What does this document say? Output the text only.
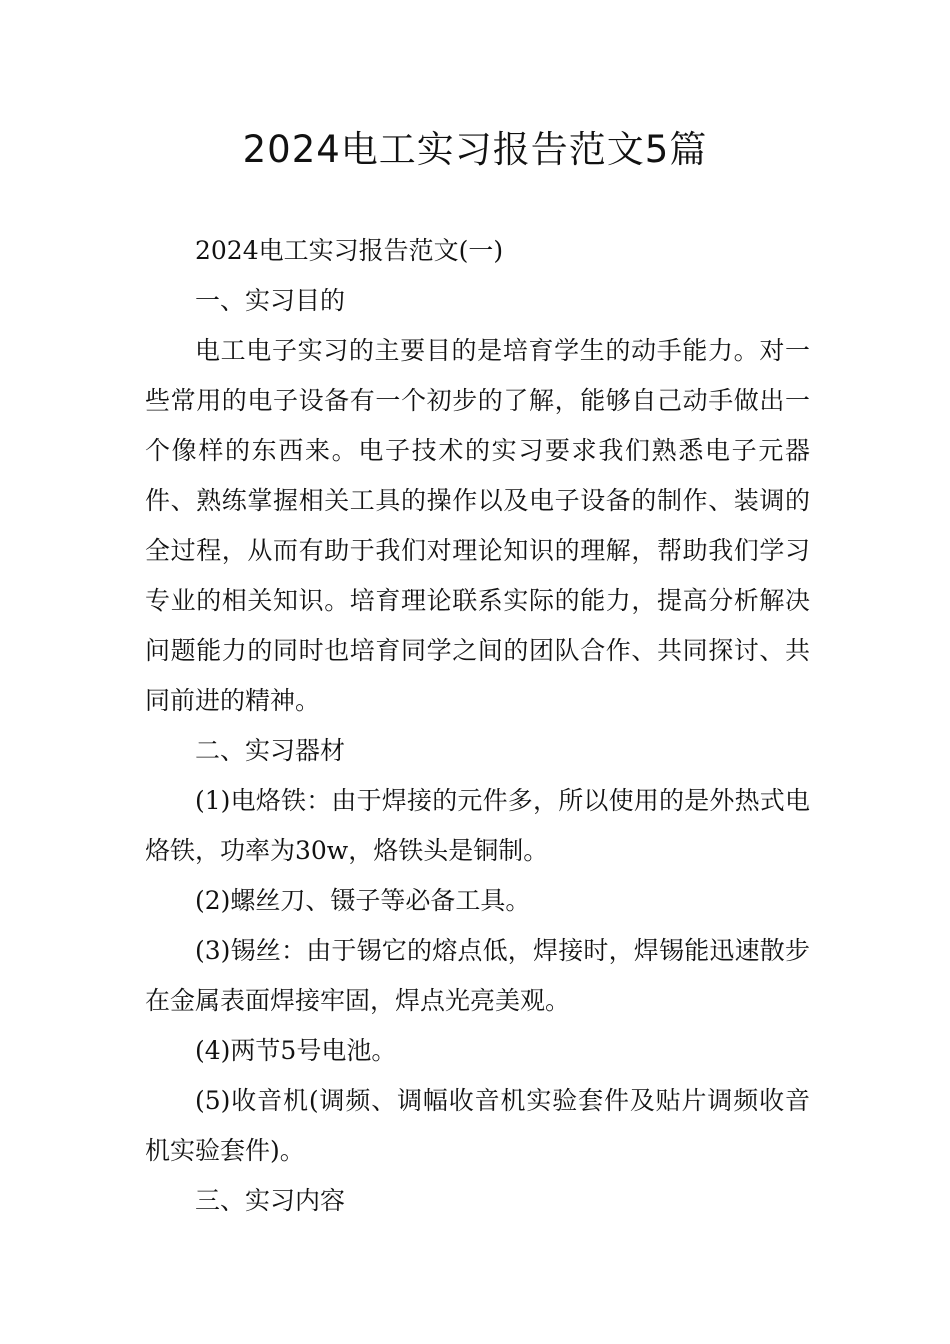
2024电工实习报告范文5篇

2024电工实习报告范文(一)

一、实习目的

电工电子实习的主要目的是培育学生的动手能力。对一些常用的电子设备有一个初步的了解，能够自己动手做出一个像样的东西来。电子技术的实习要求我们熟悉电子元器件、熟练掌握相关工具的操作以及电子设备的制作、装调的全过程，从而有助于我们对理论知识的理解，帮助我们学习专业的相关知识。培育理论联系实际的能力，提高分析解决问题能力的同时也培育同学之间的团队合作、共同探讨、共同前进的精神。

二、实习器材

(1)电烙铁：由于焊接的元件多，所以使用的是外热式电烙铁，功率为30w，烙铁头是铜制。

(2)螺丝刀、镊子等必备工具。

(3)锡丝：由于锡它的熔点低，焊接时，焊锡能迅速散步在金属表面焊接牢固，焊点光亮美观。

(4)两节5号电池。

(5)收音机(调频、调幅收音机实验套件及贴片调频收音机实验套件)。

三、实习内容
